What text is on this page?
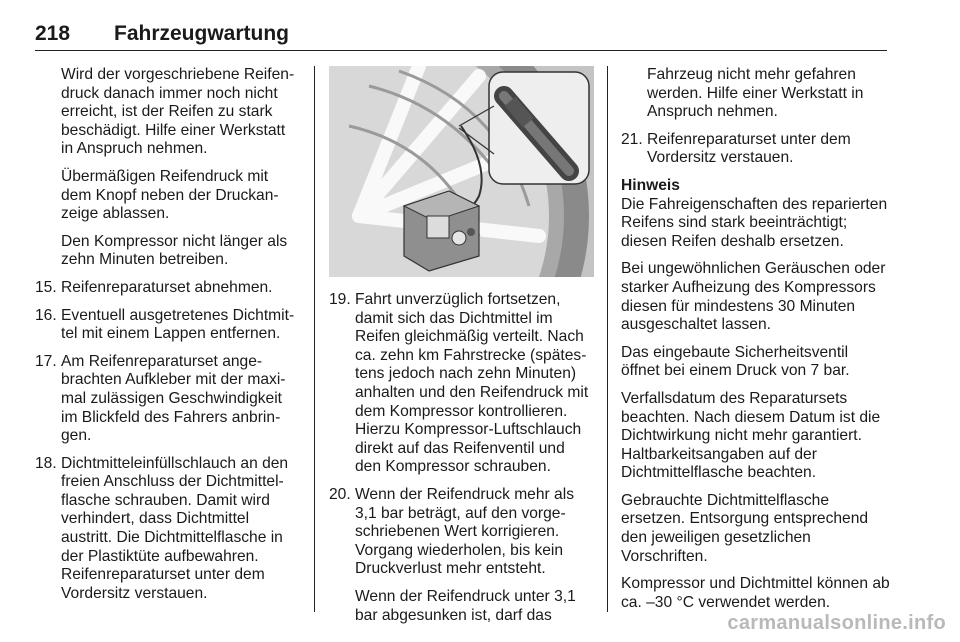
218 Fahrzeugwartung

Wird der vorgeschriebene Reifendruck danach immer noch nicht erreicht, ist der Reifen zu stark beschädigt. Hilfe einer Werkstatt in Anspruch nehmen.

Übermäßigen Reifendruck mit dem Knopf neben der Druckanzeige ablassen.

Den Kompressor nicht länger als zehn Minuten betreiben.

15. Reifenreparaturset abnehmen.
16. Eventuell ausgetretenes Dichtmittel mit einem Lappen entfernen.
17. Am Reifenreparaturset angebrachten Aufkleber mit der maximal zulässigen Geschwindigkeit im Blickfeld des Fahrers anbringen.
18. Dichtmitteleinfüllschlauch an den freien Anschluss der Dichtmittelflasche schrauben. Damit wird verhindert, dass Dichtmittel austritt. Die Dichtmittelflasche in der Plastiktüte aufbewahren. Reifenreparaturset unter dem Vordersitz verstauen.
19. Fahrt unverzüglich fortsetzen, damit sich das Dichtmittel im Reifen gleichmäßig verteilt. Nach ca. zehn km Fahrstrecke (spätestens jedoch nach zehn Minuten) anhalten und den Reifendruck mit dem Kompressor kontrollieren. Hierzu Kompressor-Luftschlauch direkt auf das Reifenventil und den Kompressor schrauben.
20. Wenn der Reifendruck mehr als 3,1 bar beträgt, auf den vorgeschriebenen Wert korrigieren. Vorgang wiederholen, bis kein Druckverlust mehr entsteht.

Wenn der Reifendruck unter 3,1 bar abgesunken ist, darf das

Fahrzeug nicht mehr gefahren werden. Hilfe einer Werkstatt in Anspruch nehmen.

21. Reifenreparaturset unter dem Vordersitz verstauen.

Hinweis

Die Fahreigenschaften des reparierten Reifens sind stark beeinträchtigt; diesen Reifen deshalb ersetzen.

Bei ungewöhnlichen Geräuschen oder starker Aufheizung des Kompressors diesen für mindestens 30 Minuten ausgeschaltet lassen.

Das eingebaute Sicherheitsventil öffnet bei einem Druck von 7 bar.

Verfallsdatum des Reparatursets beachten. Nach diesem Datum ist die Dichtwirkung nicht mehr garantiert. Haltbarkeitsangaben auf der Dichtmittelflasche beachten.

Gebrauchte Dichtmittelflasche ersetzen. Entsorgung entsprechend den jeweiligen gesetzlichen Vorschriften.

Kompressor und Dichtmittel können ab ca. –30 °C verwendet werden.

carmanualsonline.info
